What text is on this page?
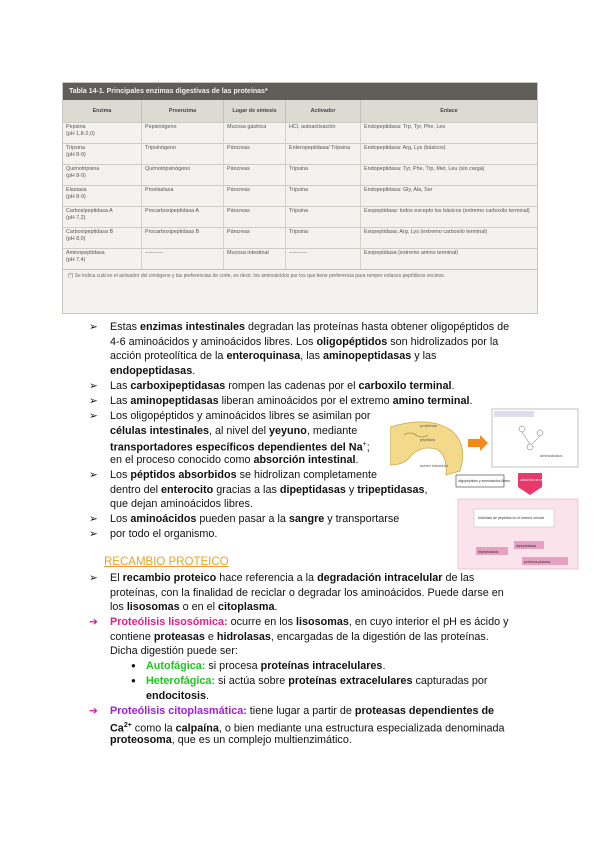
Tabla 14-1. Principales enzimas digestivas de las proteínas*
Enzima	Proenzima	Lugar de síntesis	Activador	Enlace
Pepsina
(pH 1,8-2,0)	Pepsinógeno	Mucosa gástrica	HCl, autoactivación	Endopeptidasa: Trp, Tyr, Phe, Leu
Tripsina
(pH 8-9)	Tripsinógeno	Páncreas	Enteropeptidasa/ Tripsina	Endopeptidasa: Arg, Lys (básicos)
Quimotripsina
(pH 8-9)	Quimotripsinógeno	Páncreas	Tripsina	Endopeptidasa: Tyr, Phe, Trp, Met, Leu (sin carga)
Elastasa
(pH 8-9)	Proelastasa	Páncreas	Tripsina	Endopeptidasa: Gly, Ala, Ser
Carboxipeptidasa A
(pH 7,2)	Procarboxipeptidasa A	Páncreas	Tripsina	Exopeptidasa: todos excepto los básicos (extremo carboxilo terminal)
Carboxipeptidasa B
(pH 8,0)	Procarboxipeptidasa B	Páncreas	Tripsina	Exopeptidasa: Arg, Lys (extremo carboxilo terminal)
Aminopeptidasa
(pH 7,4)	----------	Mucosa intestinal	----------	Exopeptidasa (extremo amino terminal)
(*) Se indica cuál es el activador del cimógeno y las preferencias de corte, es decir, los aminoácidos por los que tiene preferencia para romper enlaces peptídicos vecinos.
➢ Estas enzimas intestinales degradan las proteínas hasta obtener oligopéptidos de
4-6 aminoácidos y aminoácidos libres. Los oligopéptidos son hidrolizados por la
acción proteolítica de la enteroquinasa, las aminopeptidasas y las
endopeptidasas.
➢ Las carboxipeptidasas rompen las cadenas por el carboxilo terminal.
➢ Las aminopeptidasas liberan aminoácidos por el extremo amino terminal.
➢ Los oligopéptidos y aminoácidos libres se asimilan por
células intestinales, al nivel del yeyuno, mediante
transportadores específicos dependientes del Na+;
en el proceso conocido como absorción intestinal.
➢ Los péptidos absorbidos se hidrolizan completamente
dentro del enterocito gracias a las dipeptidasas y tripeptidasas,
que dejan aminoácidos libres.
➢ Los aminoácidos pueden pasar a la sangre y transportarse
➢ por todo el organismo.
proteínas
péptidos
lumen intestinal
aminoácidos
oligopéptidos y aminoácidos libres	absorción en enterocito
hidrólisis de péptidos en el interior celular
dipeptidasas
tripeptidasas
proteína-plasma
RECAMBIO PROTEICO
➢ El recambio proteico hace referencia a la degradación intracelular de las
proteínas, con la finalidad de reciclar o degradar los aminoácidos. Puede darse en
los lisosomas o en el citoplasma.
➔ Proteólisis lisosómica: ocurre en los lisosomas, en cuyo interior el pH es ácido y
contiene proteasas e hidrolasas, encargadas de la digestión de las proteínas.
Dicha digestión puede ser:
● Autofágica: si procesa proteínas intracelulares.
● Heterofágica: si actúa sobre proteínas extracelulares capturadas por
endocitosis.
➔ Proteólisis citoplasmática: tiene lugar a partir de proteasas dependientes de
$Ca^{2+}$ como la calpaína, o bien mediante una estructura especializada denominada
proteosoma, que es un complejo multienzimático.
